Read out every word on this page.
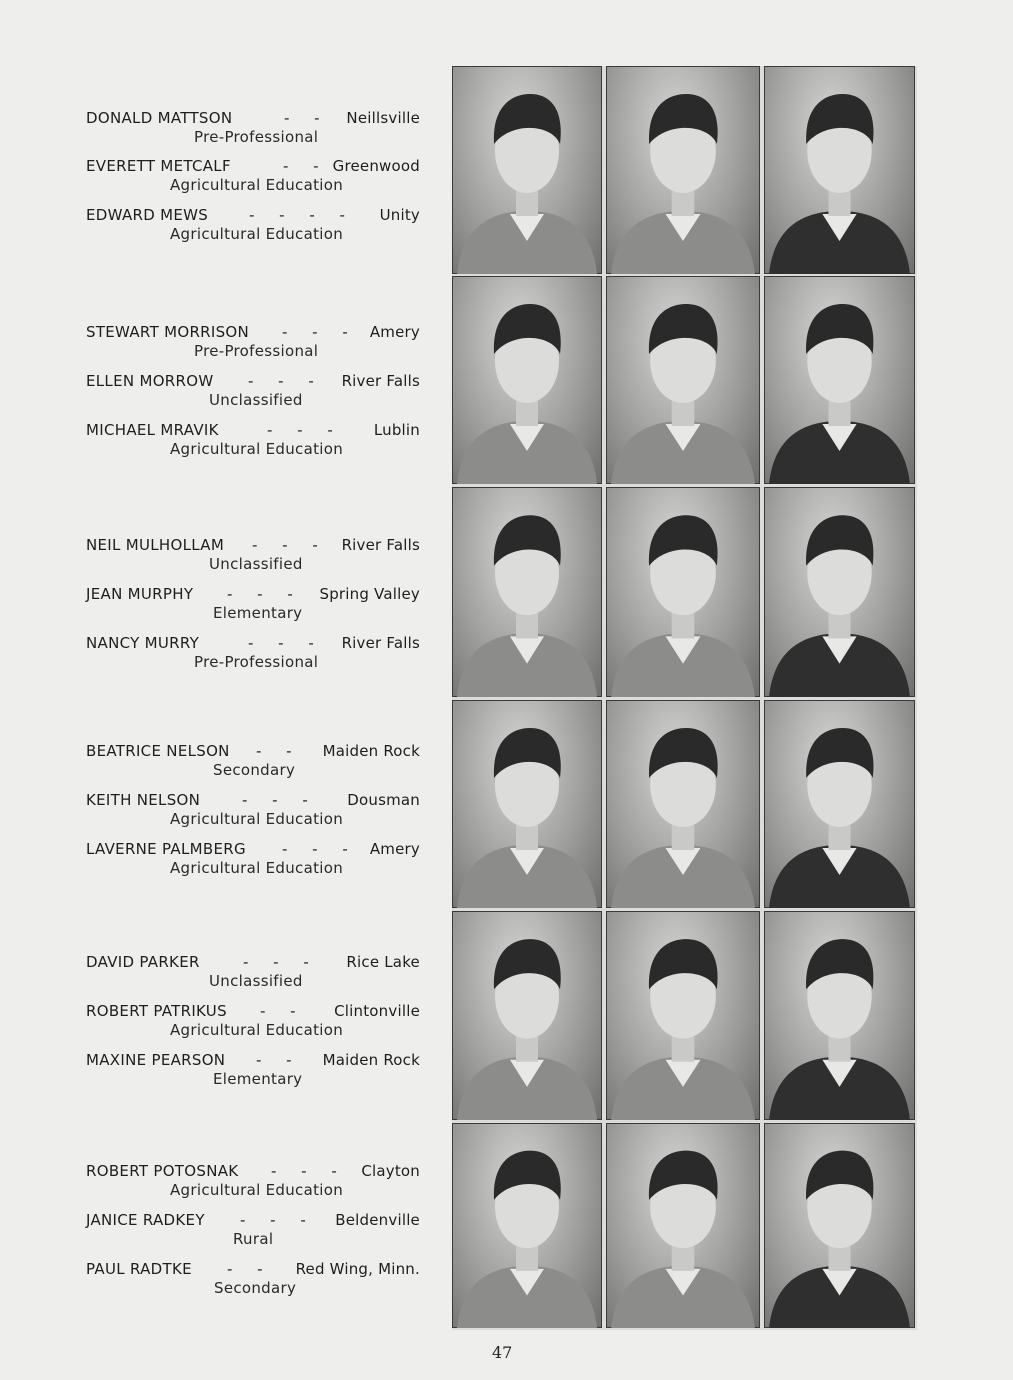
DONALD MATTSON	- - Neillsville
Pre-Professional
EVERETT METCALF	- - Greenwood
Agricultural Education
EDWARD MEWS	- - - - Unity
Agricultural Education
STEWART MORRISON - - - Amery
Pre-Professional
ELLEN MORROW - - - River Falls
Unclassified
MICHAEL MRAVIK	- - - Lublin
Agricultural Education
NEIL MULHOLLAM - - - River Falls
Unclassified
JEAN MURPHY - - - Spring Valley
Elementary
NANCY MURRY	- - - River Falls
Pre-Professional
BEATRICE NELSON - - Maiden Rock
Secondary
KEITH NELSON	- - - Dousman
Agricultural Education
LAVERNE PALMBERG - - - Amery
Agricultural Education
DAVID PARKER	- - - Rice Lake
Unclassified
ROBERT PATRIKUS - - Clintonville
Agricultural Education
MAXINE PEARSON - - Maiden Rock
Elementary
ROBERT POTOSNAK - - - Clayton
Agricultural Education
JANICE RADKEY - - - Beldenville
Rural
PAUL RADTKE - - Red Wing, Minn.
Secondary
47
